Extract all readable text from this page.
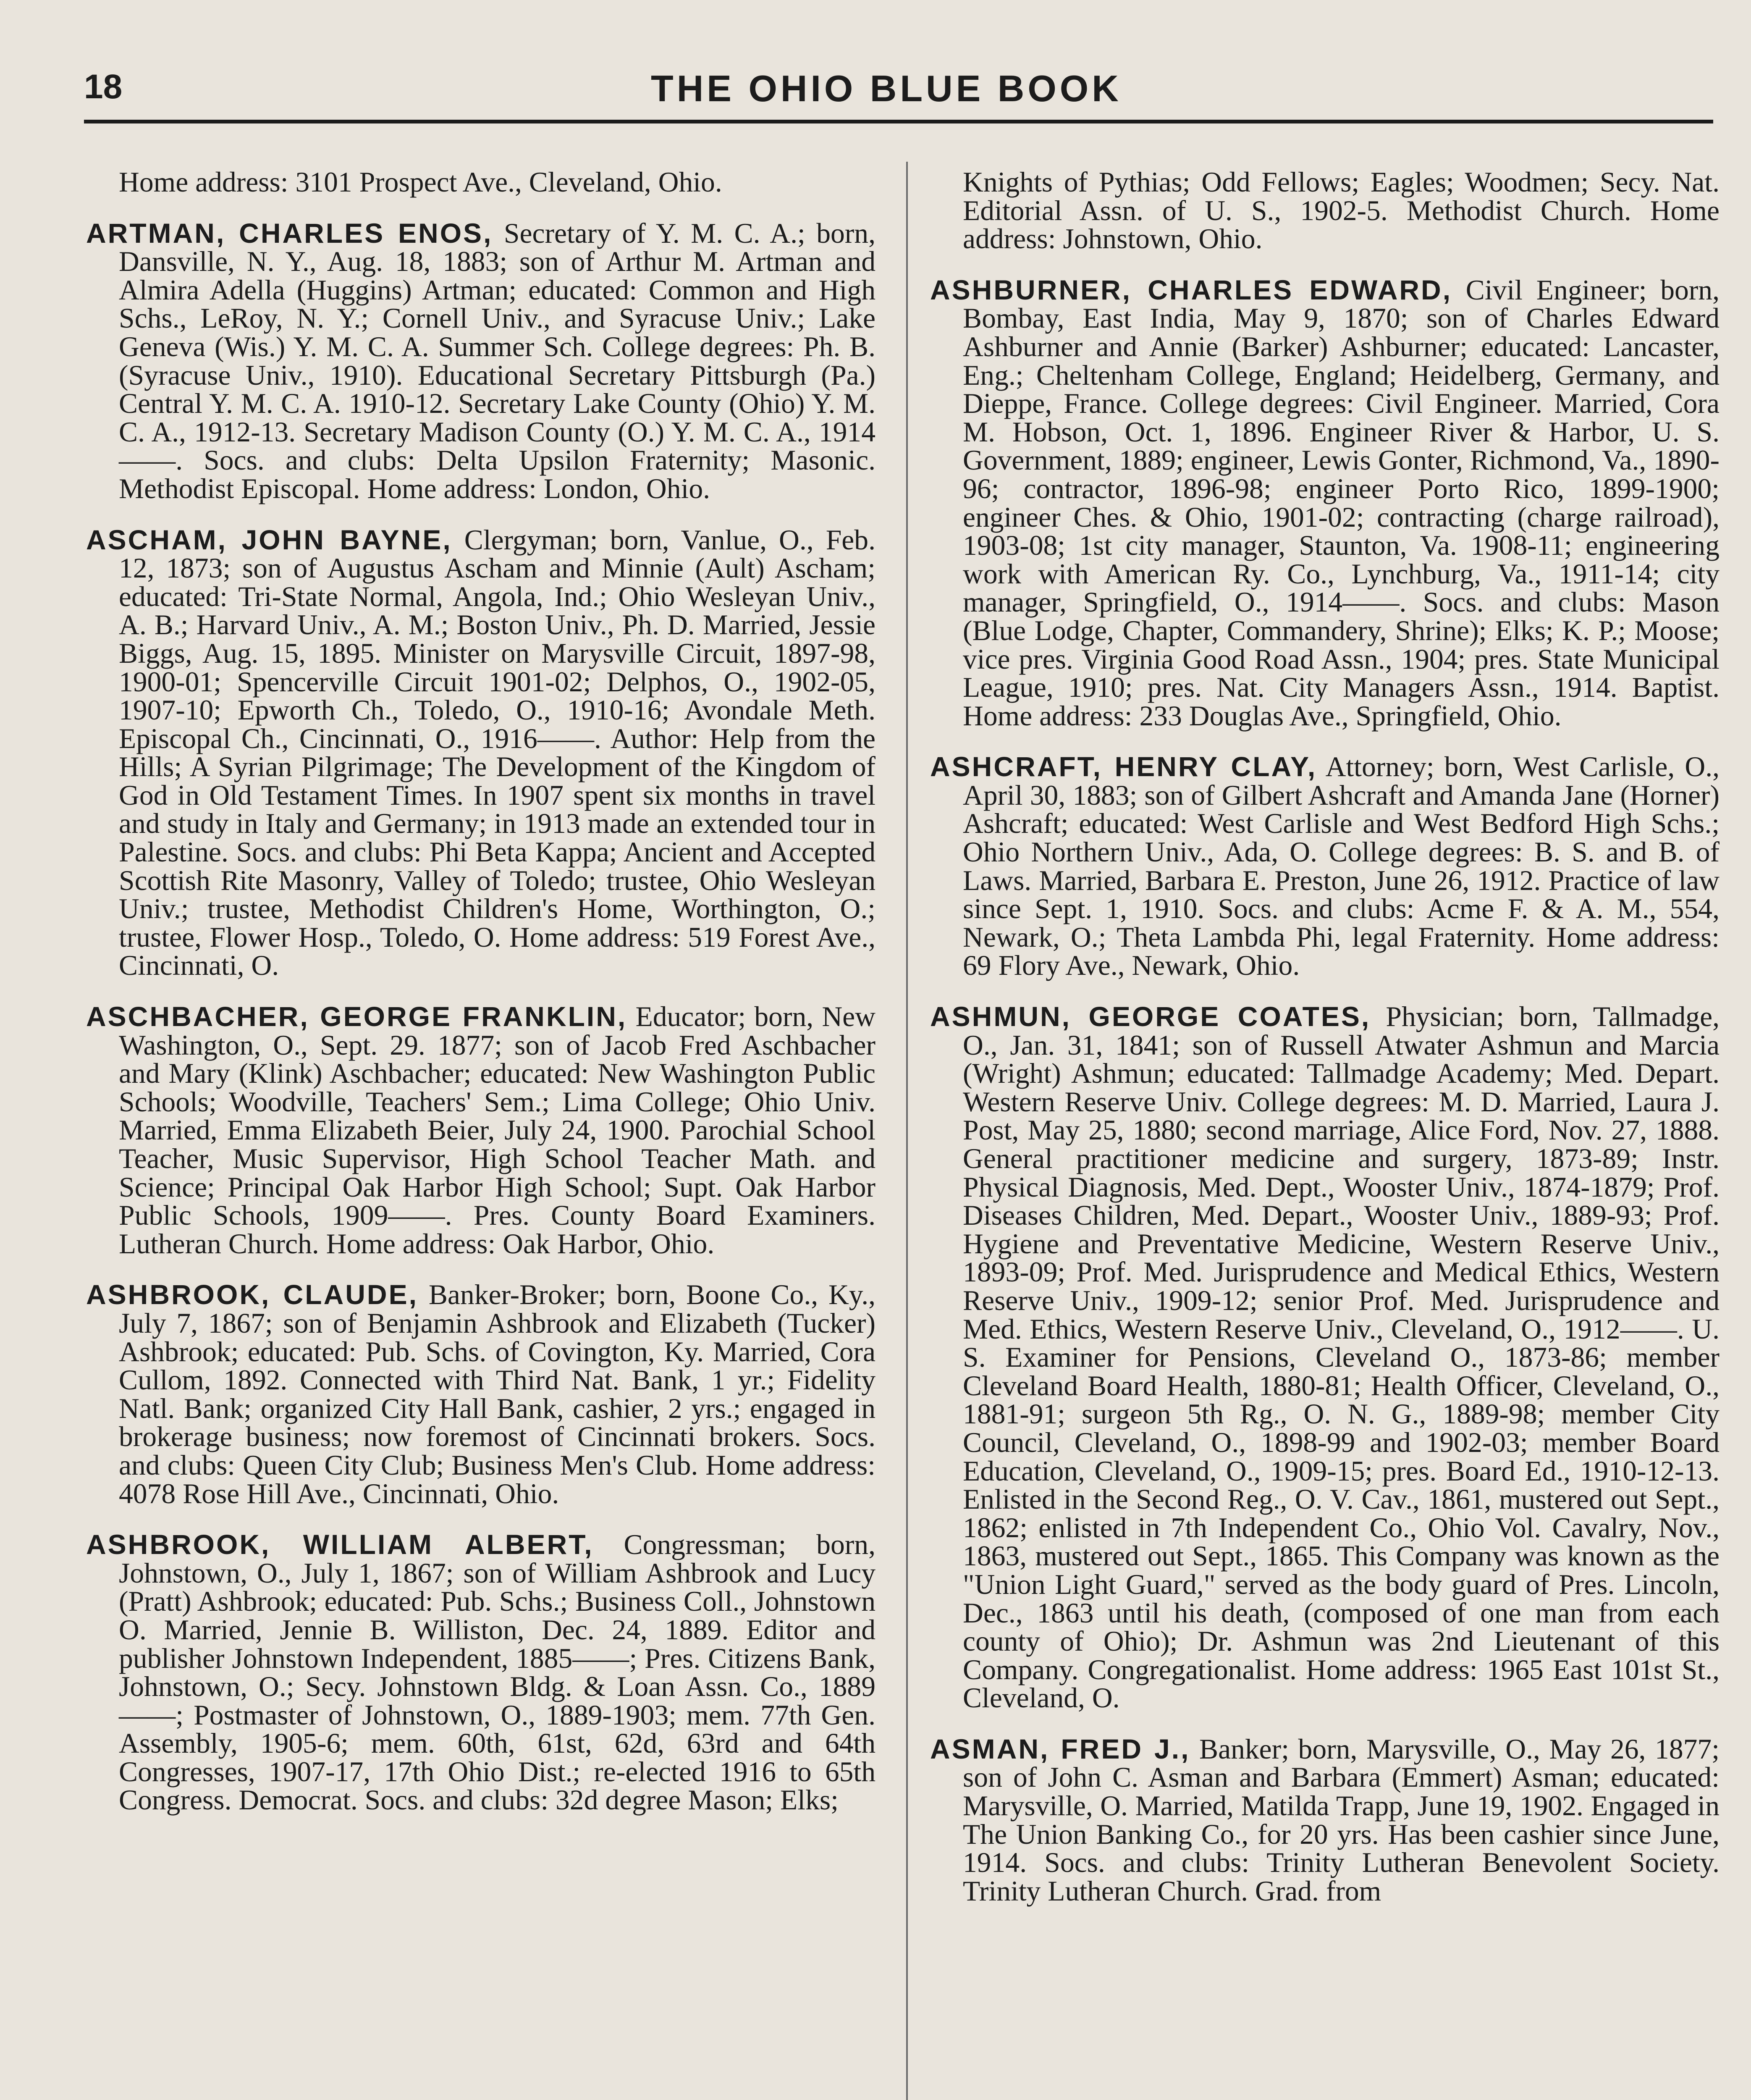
18	THE OHIO BLUE BOOK

Home address: 3101 Prospect Ave., Cleveland, Ohio.

ARTMAN, CHARLES ENOS, Secretary of Y. M. C. A.; born, Dansville, N. Y., Aug. 18, 1883; son of Arthur M. Artman and Almira Adella (Huggins) Artman; educated: Common and High Schs., LeRoy, N. Y.; Cornell Univ., and Syracuse Univ.; Lake Geneva (Wis.) Y. M. C. A. Summer Sch. College degrees: Ph. B. (Syracuse Univ., 1910). Educational Secretary Pittsburgh (Pa.) Central Y. M. C. A. 1910-12. Secretary Lake County (Ohio) Y. M. C. A., 1912-13. Secretary Madison County (O.) Y. M. C. A., 1914——. Socs. and clubs: Delta Upsilon Fraternity; Masonic. Methodist Episcopal. Home address: London, Ohio.

ASCHAM, JOHN BAYNE, Clergyman; born, Vanlue, O., Feb. 12, 1873; son of Augustus Ascham and Minnie (Ault) Ascham; educated: Tri-State Normal, Angola, Ind.; Ohio Wesleyan Univ., A. B.; Harvard Univ., A. M.; Boston Univ., Ph. D. Married, Jessie Biggs, Aug. 15, 1895. Minister on Marysville Circuit, 1897-98, 1900-01; Spencerville Circuit 1901-02; Delphos, O., 1902-05, 1907-10; Epworth Ch., Toledo, O., 1910-16; Avondale Meth. Episcopal Ch., Cincinnati, O., 1916——. Author: Help from the Hills; A Syrian Pilgrimage; The Development of the Kingdom of God in Old Testament Times. In 1907 spent six months in travel and study in Italy and Germany; in 1913 made an extended tour in Palestine. Socs. and clubs: Phi Beta Kappa; Ancient and Accepted Scottish Rite Masonry, Valley of Toledo; trustee, Ohio Wesleyan Univ.; trustee, Methodist Children's Home, Worthington, O.; trustee, Flower Hosp., Toledo, O. Home address: 519 Forest Ave., Cincinnati, O.

ASCHBACHER, GEORGE FRANKLIN, Educator; born, New Washington, O., Sept. 29. 1877; son of Jacob Fred Aschbacher and Mary (Klink) Aschbacher; educated: New Washington Public Schools; Woodville, Teachers' Sem.; Lima College; Ohio Univ. Married, Emma Elizabeth Beier, July 24, 1900. Parochial School Teacher, Music Supervisor, High School Teacher Math. and Science; Principal Oak Harbor High School; Supt. Oak Harbor Public Schools, 1909——. Pres. County Board Examiners. Lutheran Church. Home address: Oak Harbor, Ohio.

ASHBROOK, CLAUDE, Banker-Broker; born, Boone Co., Ky., July 7, 1867; son of Benjamin Ashbrook and Elizabeth (Tucker) Ashbrook; educated: Pub. Schs. of Covington, Ky. Married, Cora Cullom, 1892. Connected with Third Nat. Bank, 1 yr.; Fidelity Natl. Bank; organized City Hall Bank, cashier, 2 yrs.; engaged in brokerage business; now foremost of Cincinnati brokers. Socs. and clubs: Queen City Club; Business Men's Club. Home address: 4078 Rose Hill Ave., Cincinnati, Ohio.

ASHBROOK, WILLIAM ALBERT, Congressman; born, Johnstown, O., July 1, 1867; son of William Ashbrook and Lucy (Pratt) Ashbrook; educated: Pub. Schs.; Business Coll., Johnstown O. Married, Jennie B. Williston, Dec. 24, 1889. Editor and publisher Johnstown Independent, 1885——; Pres. Citizens Bank, Johnstown, O.; Secy. Johnstown Bldg. & Loan Assn. Co., 1889——; Postmaster of Johnstown, O., 1889-1903; mem. 77th Gen. Assembly, 1905-6; mem. 60th, 61st, 62d, 63rd and 64th Congresses, 1907-17, 17th Ohio Dist.; re-elected 1916 to 65th Congress. Democrat. Socs. and clubs: 32d degree Mason; Elks;

Knights of Pythias; Odd Fellows; Eagles; Woodmen; Secy. Nat. Editorial Assn. of U. S., 1902-5. Methodist Church. Home address: Johnstown, Ohio.

ASHBURNER, CHARLES EDWARD, Civil Engineer; born, Bombay, East India, May 9, 1870; son of Charles Edward Ashburner and Annie (Barker) Ashburner; educated: Lancaster, Eng.; Cheltenham College, England; Heidelberg, Germany, and Dieppe, France. College degrees: Civil Engineer. Married, Cora M. Hobson, Oct. 1, 1896. Engineer River & Harbor, U. S. Government, 1889; engineer, Lewis Gonter, Richmond, Va., 1890-96; contractor, 1896-98; engineer Porto Rico, 1899-1900; engineer Ches. & Ohio, 1901-02; contracting (charge railroad), 1903-08; 1st city manager, Staunton, Va. 1908-11; engineering work with American Ry. Co., Lynchburg, Va., 1911-14; city manager, Springfield, O., 1914——. Socs. and clubs: Mason (Blue Lodge, Chapter, Commandery, Shrine); Elks; K. P.; Moose; vice pres. Virginia Good Road Assn., 1904; pres. State Municipal League, 1910; pres. Nat. City Managers Assn., 1914. Baptist. Home address: 233 Douglas Ave., Springfield, Ohio.

ASHCRAFT, HENRY CLAY, Attorney; born, West Carlisle, O., April 30, 1883; son of Gilbert Ashcraft and Amanda Jane (Horner) Ashcraft; educated: West Carlisle and West Bedford High Schs.; Ohio Northern Univ., Ada, O. College degrees: B. S. and B. of Laws. Married, Barbara E. Preston, June 26, 1912. Practice of law since Sept. 1, 1910. Socs. and clubs: Acme F. & A. M., 554, Newark, O.; Theta Lambda Phi, legal Fraternity. Home address: 69 Flory Ave., Newark, Ohio.

ASHMUN, GEORGE COATES, Physician; born, Tallmadge, O., Jan. 31, 1841; son of Russell Atwater Ashmun and Marcia (Wright) Ashmun; educated: Tallmadge Academy; Med. Depart. Western Reserve Univ. College degrees: M. D. Married, Laura J. Post, May 25, 1880; second marriage, Alice Ford, Nov. 27, 1888. General practitioner medicine and surgery, 1873-89; Instr. Physical Diagnosis, Med. Dept., Wooster Univ., 1874-1879; Prof. Diseases Children, Med. Depart., Wooster Univ., 1889-93; Prof. Hygiene and Preventative Medicine, Western Reserve Univ., 1893-09; Prof. Med. Jurisprudence and Medical Ethics, Western Reserve Univ., 1909-12; senior Prof. Med. Jurisprudence and Med. Ethics, Western Reserve Univ., Cleveland, O., 1912——. U. S. Examiner for Pensions, Cleveland O., 1873-86; member Cleveland Board Health, 1880-81; Health Officer, Cleveland, O., 1881-91; surgeon 5th Rg., O. N. G., 1889-98; member City Council, Cleveland, O., 1898-99 and 1902-03; member Board Education, Cleveland, O., 1909-15; pres. Board Ed., 1910-12-13. Enlisted in the Second Reg., O. V. Cav., 1861, mustered out Sept., 1862; enlisted in 7th Independent Co., Ohio Vol. Cavalry, Nov., 1863, mustered out Sept., 1865. This Company was known as the "Union Light Guard," served as the body guard of Pres. Lincoln, Dec., 1863 until his death, (composed of one man from each county of Ohio); Dr. Ashmun was 2nd Lieutenant of this Company. Congregationalist. Home address: 1965 East 101st St., Cleveland, O.

ASMAN, FRED J., Banker; born, Marysville, O., May 26, 1877; son of John C. Asman and Barbara (Emmert) Asman; educated: Marysville, O. Married, Matilda Trapp, June 19, 1902. Engaged in The Union Banking Co., for 20 yrs. Has been cashier since June, 1914. Socs. and clubs: Trinity Lutheran Benevolent Society. Trinity Lutheran Church. Grad. from
